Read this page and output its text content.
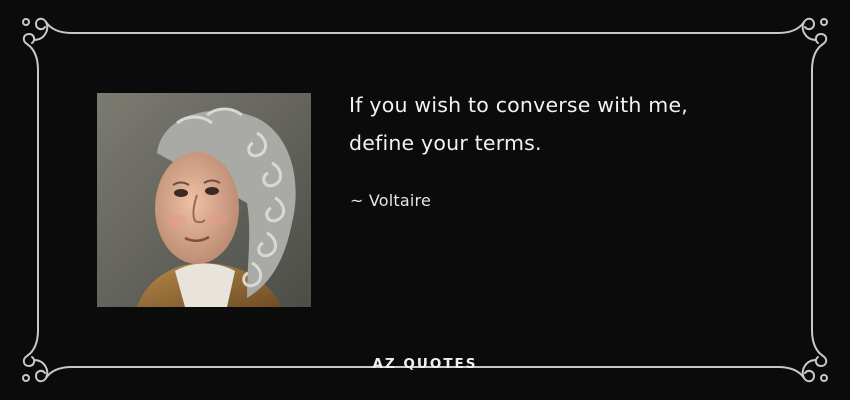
If you wish to converse with me,
define your terms.

~ Voltaire
AZ QUOTES
